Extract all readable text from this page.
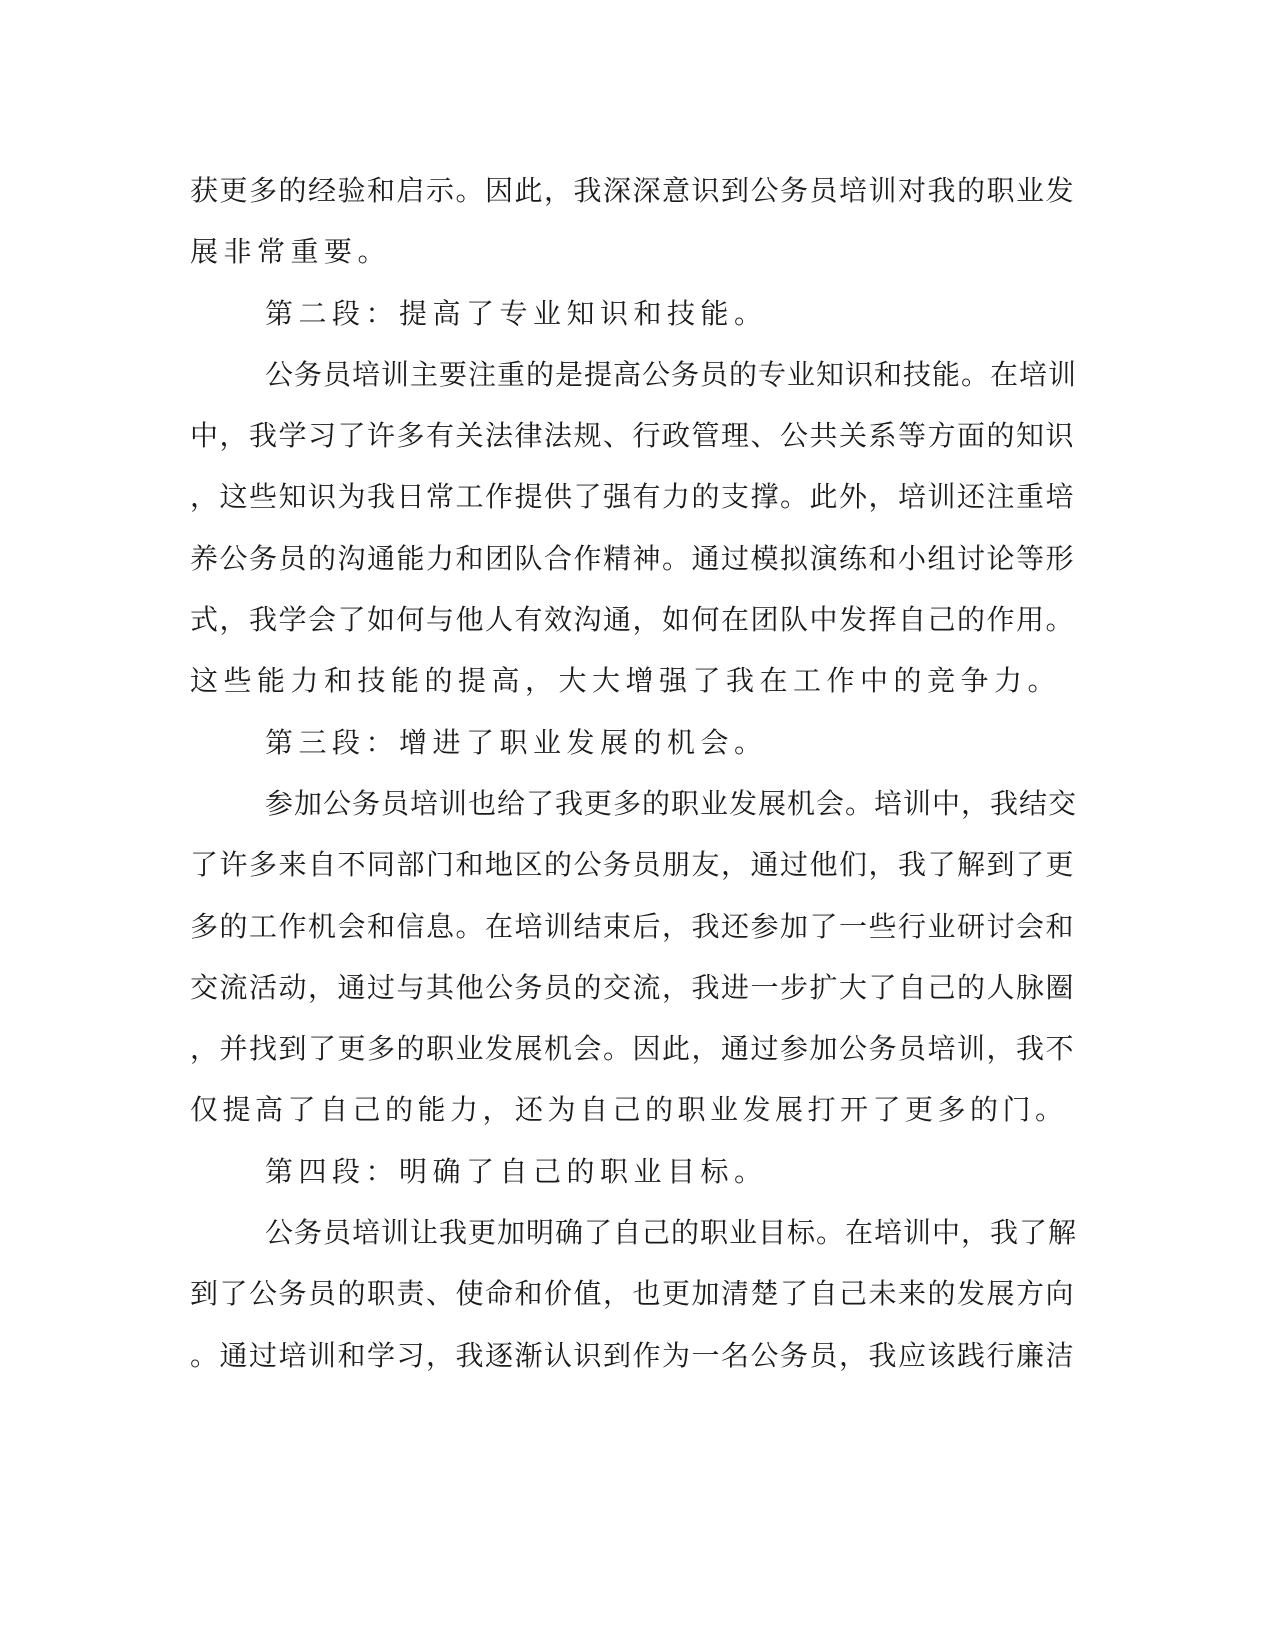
获更多的经验和启示。因此，我深深意识到公务员培训对我的职业发
展非常重要。
第二段：提高了专业知识和技能。
公务员培训主要注重的是提高公务员的专业知识和技能。在培训
中，我学习了许多有关法律法规、行政管理、公共关系等方面的知识
，这些知识为我日常工作提供了强有力的支撑。此外，培训还注重培
养公务员的沟通能力和团队合作精神。通过模拟演练和小组讨论等形
式，我学会了如何与他人有效沟通，如何在团队中发挥自己的作用。
这些能力和技能的提高，大大增强了我在工作中的竞争力。
第三段：增进了职业发展的机会。
参加公务员培训也给了我更多的职业发展机会。培训中，我结交
了许多来自不同部门和地区的公务员朋友，通过他们，我了解到了更
多的工作机会和信息。在培训结束后，我还参加了一些行业研讨会和
交流活动，通过与其他公务员的交流，我进一步扩大了自己的人脉圈
，并找到了更多的职业发展机会。因此，通过参加公务员培训，我不
仅提高了自己的能力，还为自己的职业发展打开了更多的门。
第四段：明确了自己的职业目标。
公务员培训让我更加明确了自己的职业目标。在培训中，我了解
到了公务员的职责、使命和价值，也更加清楚了自己未来的发展方向
。通过培训和学习，我逐渐认识到作为一名公务员，我应该践行廉洁
